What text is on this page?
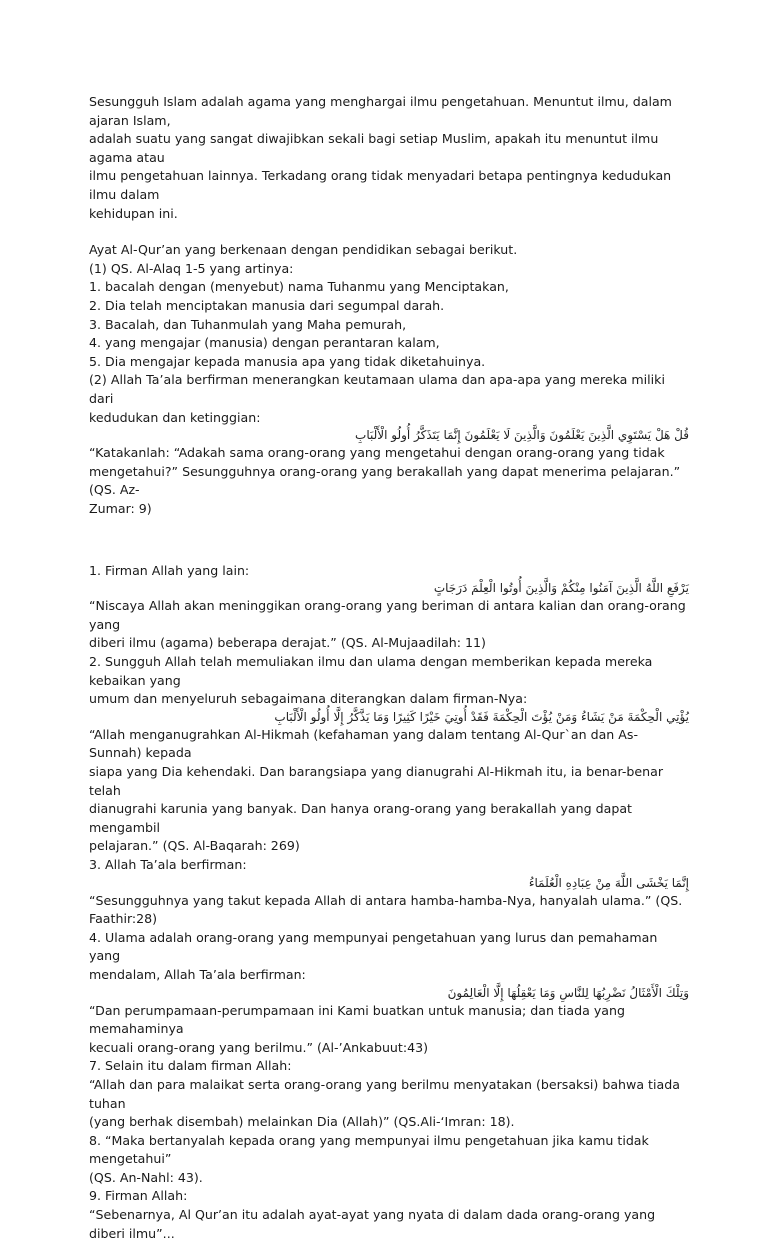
Sesungguh Islam adalah agama yang menghargai ilmu pengetahuan. Menuntut ilmu, dalam ajaran Islam,
adalah suatu yang sangat diwajibkan sekali bagi setiap Muslim, apakah itu menuntut ilmu agama atau
ilmu pengetahuan lainnya. Terkadang orang tidak menyadari betapa pentingnya kedudukan ilmu dalam
kehidupan ini.

Ayat Al-Qur’an yang berkenaan dengan pendidikan sebagai berikut.

(1) QS. Al-Alaq 1-5 yang artinya:

1. bacalah dengan (menyebut) nama Tuhanmu yang Menciptakan,

2. Dia telah menciptakan manusia dari segumpal darah.

3. Bacalah, dan Tuhanmulah yang Maha pemurah,

4. yang mengajar (manusia) dengan perantaran kalam,

5. Dia mengajar kepada manusia apa yang tidak diketahuinya.

(2) Allah Ta’ala berfirman menerangkan keutamaan ulama dan apa-apa yang mereka miliki dari

kedudukan dan ketinggian:

قُلْ هَلْ يَسْتَوِي الَّذِينَ يَعْلَمُونَ وَالَّذِينَ لَا يَعْلَمُونَ إِنَّمَا يَتَذَكَّرُ أُولُو الْأَلْبَابِ

“Katakanlah: “Adakah sama orang-orang yang mengetahui dengan orang-orang yang tidak

mengetahui?” Sesungguhnya orang-orang yang berakallah yang dapat menerima pelajaran.” (QS. Az-

Zumar: 9)

1. Firman Allah yang lain:

يَرْفَعِ اللَّهُ الَّذِينَ آمَنُوا مِنْكُمْ وَالَّذِينَ أُوتُوا الْعِلْمَ دَرَجَاتٍ

“Niscaya Allah akan meninggikan orang-orang yang beriman di antara kalian dan orang-orang yang

diberi ilmu (agama) beberapa derajat.” (QS. Al-Mujaadilah: 11)

2. Sungguh Allah telah memuliakan ilmu dan ulama dengan memberikan kepada mereka kebaikan yang

umum dan menyeluruh sebagaimana diterangkan dalam firman-Nya:

يُؤْتِي الْحِكْمَةَ مَنْ يَشَاءُ وَمَنْ يُؤْتَ الْحِكْمَةَ فَقَدْ أُوتِيَ خَيْرًا كَثِيرًا وَمَا يَذَّكَّرُ إِلَّا أُولُو الْأَلْبَابِ

“Allah menganugrahkan Al-Hikmah (kefahaman yang dalam tentang Al-Qur`an dan As-Sunnah) kepada

siapa yang Dia kehendaki. Dan barangsiapa yang dianugrahi Al-Hikmah itu, ia benar-benar telah

dianugrahi karunia yang banyak. Dan hanya orang-orang yang berakallah yang dapat mengambil

pelajaran.” (QS. Al-Baqarah: 269)

3. Allah Ta’ala berfirman:

إِنَّمَا يَخْشَى اللَّهَ مِنْ عِبَادِهِ الْعُلَمَاءُ

“Sesungguhnya yang takut kepada Allah di antara hamba-hamba-Nya, hanyalah ulama.” (QS. Faathir:28)

4. Ulama adalah orang-orang yang mempunyai pengetahuan yang lurus dan pemahaman yang

mendalam, Allah Ta’ala berfirman:

وَتِلْكَ الْأَمْثَالُ نَضْرِبُهَا لِلنَّاسِ وَمَا يَعْقِلُهَا إِلَّا الْعَالِمُونَ

“Dan perumpamaan-perumpamaan ini Kami buatkan untuk manusia; dan tiada yang memahaminya

kecuali orang-orang yang berilmu.” (Al-’Ankabuut:43)

7. Selain itu dalam firman Allah:

“Allah dan para malaikat serta orang-orang yang berilmu menyatakan (bersaksi) bahwa tiada tuhan

(yang berhak disembah) melainkan Dia (Allah)” (QS.Ali-‘Imran: 18).

8. “Maka bertanyalah kepada orang yang mempunyai ilmu pengetahuan jika kamu tidak mengetahui”

(QS. An-Nahl: 43).

9. Firman Allah:

“Sebenarnya, Al Qur’an itu adalah ayat-ayat yang nyata di dalam dada orang-orang yang diberi ilmu”...
